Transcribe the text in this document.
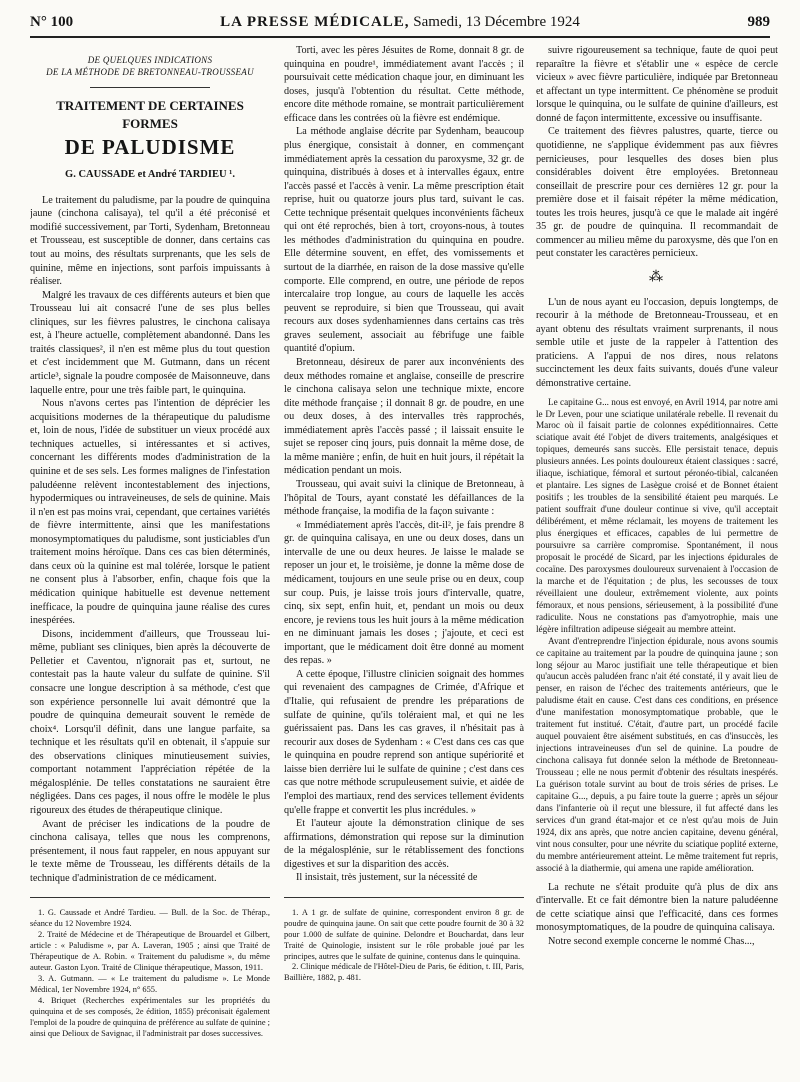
N° 100	LA PRESSE MÉDICALE, Samedi, 13 Décembre 1924	989
DE QUELQUES INDICATIONS
DE LA MÉTHODE DE BRETONNEAU-TROUSSEAU
TRAITEMENT DE CERTAINES FORMES
DE PALUDISME
G. CAUSSADE et André TARDIEU ¹.

Le traitement du paludisme, par la poudre de quinquina jaune (cinchona calisaya), tel qu'il a été préconisé et modifié successivement, par Torti, Sydenham, Bretonneau et Trousseau, est susceptible de donner, dans certains cas tout au moins, des résultats surprenants, que les sels de quinine, même en injections, sont parfois impuissants à réaliser.

Malgré les travaux de ces différents auteurs et bien que Trousseau lui ait consacré l'une de ses plus belles cliniques, sur les fièvres palustres, le cinchona calisaya est, à l'heure actuelle, complètement abandonné. Dans les traités classiques², il n'en est même plus du tout question et c'est incidemment que M. Gutmann, dans un récent article³, signale la poudre composée de Maisonneuve, dans laquelle entre, pour une très faible part, le quinquina.

Nous n'avons certes pas l'intention de déprécier les acquisitions modernes de la thérapeutique du paludisme et, loin de nous, l'idée de substituer un vieux procédé aux techniques actuelles, si intéressantes et si actives, concernant les différents modes d'administration de la quinine et de ses sels. Les formes malignes de l'infestation paludéenne relèvent incontestablement des injections, hypodermiques ou intraveineuses, de sels de quinine. Mais il n'en est pas moins vrai, cependant, que certaines variétés de fièvre intermittente, ainsi que les manifestations monosymptomatiques du paludisme, sont justiciables d'un traitement moins héroïque. Dans ces cas bien déterminés, dans ceux où la quinine est mal tolérée, lorsque le patient ne consent plus à l'absorber, enfin, chaque fois que la médication quinique habituelle est devenue nettement inefficace, la poudre de quinquina jaune réalise des cures inespérées.

Disons, incidemment d'ailleurs, que Trousseau lui-même, publiant ses cliniques, bien après la découverte de Pelletier et Caventou, n'ignorait pas et, surtout, ne contestait pas la haute valeur du sulfate de quinine. S'il consacre une longue description à sa méthode, c'est que son expérience personnelle lui avait démontré que la poudre de quinquina demeurait souvent le remède de choix⁴. Lorsqu'il définit, dans une langue parfaite, sa technique et les résultats qu'il en obtenait, il s'appuie sur des observations cliniques minutieusement suivies, comportant notamment l'appréciation répétée de la mégalosplénie. De telles constatations ne sauraient être négligées. Dans ces pages, il nous offre le modèle le plus rigoureux des études de thérapeutique clinique.

Avant de préciser les indications de la poudre de cinchona calisaya, telles que nous les comprenons, présentement, il nous faut rappeler, en nous appuyant sur le texte même de Trousseau, les différents détails de la technique d'administration de ce médicament.

1. G. Caussade et André Tardieu. — Bull. de la Soc. de Thérap., séance du 12 Novembre 1924.

2. Traité de Médecine et de Thérapeutique de Brouardel et Gilbert, article : « Paludisme », par A. Laveran, 1905 ; ainsi que Traité de Thérapeutique de A. Robin. « Traitement du paludisme », du même auteur. Gaston Lyon. Traité de Clinique thérapeutique, Masson, 1911.

3. A. Gutmann. — « Le traitement du paludisme ». Le Monde Médical, 1er Novembre 1924, n° 655.

4. Briquet (Recherches expérimentales sur les propriétés du quinquina et de ses composés, 2e édition, 1855) préconisait également l'emploi de la poudre de quinquina de préférence au sulfate de quinine ; ainsi que Delioux de Savignac, il l'administrait par doses successives.

Torti, avec les pères Jésuites de Rome, donnait 8 gr. de quinquina en poudre¹, immédiatement avant l'accès ; il poursuivait cette médication chaque jour, en diminuant les doses, jusqu'à l'obtention du résultat. Cette méthode, encore dite méthode romaine, se montrait particulièrement efficace dans les contrées où la fièvre est endémique.

La méthode anglaise décrite par Sydenham, beaucoup plus énergique, consistait à donner, en commençant immédiatement après la cessation du paroxysme, 32 gr. de quinquina, distribués à doses et à intervalles égaux, entre l'accès passé et l'accès à venir. La même prescription était reprise, huit ou quatorze jours plus tard, suivant le cas. Cette technique présentait quelques inconvénients fâcheux qui ont été reprochés, bien à tort, croyons-nous, à toutes les méthodes d'administration du quinquina en poudre. Elle détermine souvent, en effet, des vomissements et surtout de la diarrhée, en raison de la dose massive qu'elle comporte. Elle comprend, en outre, une période de repos intercalaire trop longue, au cours de laquelle les accès peuvent se reproduire, si bien que Trousseau, qui avait recours aux doses sydenhamiennes dans certains cas très graves seulement, associait au fébrifuge une faible quantité d'opium.

Bretonneau, désireux de parer aux inconvénients des deux méthodes romaine et anglaise, conseille de prescrire le cinchona calisaya selon une technique mixte, encore dite méthode française ; il donnait 8 gr. de poudre, en une ou deux doses, à des intervalles très rapprochés, immédiatement après l'accès passé ; il laissait ensuite le sujet se reposer cinq jours, puis donnait la même dose, de la même manière ; enfin, de huit en huit jours, il répétait la médication pendant un mois.

Trousseau, qui avait suivi la clinique de Bretonneau, à l'hôpital de Tours, ayant constaté les défaillances de la méthode française, la modifia de la façon suivante :

« Immédiatement après l'accès, dit-il², je fais prendre 8 gr. de quinquina calisaya, en une ou deux doses, dans un intervalle de une ou deux heures. Je laisse le malade se reposer un jour et, le troisième, je donne la même dose de médicament, toujours en une seule prise ou en deux, coup sur coup. Puis, je laisse trois jours d'intervalle, quatre, cinq, six sept, enfin huit, et, pendant un mois ou deux encore, je reviens tous les huit jours à la même médication en ne diminuant jamais les doses ; j'ajoute, et ceci est important, que le médicament doit être donné au moment des repas. »

A cette époque, l'illustre clinicien soignait des hommes qui revenaient des campagnes de Crimée, d'Afrique et d'Italie, qui refusaient de prendre les préparations de sulfate de quinine, qu'ils toléraient mal, et qui ne les guérissaient pas. Dans les cas graves, il n'hésitait pas à recourir aux doses de Sydenham : « C'est dans ces cas que le quinquina en poudre reprend son antique supériorité et laisse bien derrière lui le sulfate de quinine ; c'est dans ces cas que notre méthode scrupuleusement suivie, et aidée de l'emploi des martiaux, rend des services tellement évidents qu'elle frappe et convertit les plus incrédules. »

Et l'auteur ajoute la démonstration clinique de ses affirmations, démonstration qui repose sur la diminution de la mégalosplénie, sur le rétablissement des fonctions digestives et sur la disparition des accès.

Il insistait, très justement, sur la nécessité de

1. A 1 gr. de sulfate de quinine, correspondent environ 8 gr. de poudre de quinquina jaune. On sait que cette poudre fournit de 30 à 32 pour 1.000 de sulfate de quinine. Delondre et Bouchardat, dans leur Traité de Quinologie, insistent sur le rôle probable joué par les principes, autres que le sulfate de quinine, contenus dans le quinquina.

2. Clinique médicale de l'Hôtel-Dieu de Paris, 6e édition, t. III, Paris, Baillière, 1882, p. 481.

suivre rigoureusement sa technique, faute de quoi peut reparaître la fièvre et s'établir une « espèce de cercle vicieux » avec fièvre particulière, indiquée par Bretonneau et affectant un type intermittent. Ce phénomène se produit lorsque le quinquina, ou le sulfate de quinine d'ailleurs, est donné de façon intermittente, excessive ou insuffisante.

Ce traitement des fièvres palustres, quarte, tierce ou quotidienne, ne s'applique évidemment pas aux fièvres pernicieuses, pour lesquelles des doses bien plus considérables doivent être employées. Bretonneau conseillait de prescrire pour ces dernières 12 gr. pour la première dose et il faisait répéter la même médication, toutes les trois heures, jusqu'à ce que le malade ait ingéré 35 gr. de poudre de quinquina. Il recommandait de commencer au milieu même du paroxysme, dès que l'on en peut constater les caractères pernicieux.

⁂

L'un de nous ayant eu l'occasion, depuis longtemps, de recourir à la méthode de Bretonneau-Trousseau, et en ayant obtenu des résultats vraiment surprenants, il nous semble utile et juste de la rappeler à l'attention des praticiens. A l'appui de nos dires, nous relatons succinctement les deux faits suivants, doués d'une valeur démonstrative certaine.

Le capitaine G... nous est envoyé, en Avril 1914, par notre ami le Dr Leven, pour une sciatique unilatérale rebelle. Il revenait du Maroc où il faisait partie de colonnes expéditionnaires. Cette sciatique avait été l'objet de divers traitements, analgésiques et topiques, demeurés sans succès. Elle persistait tenace, depuis plusieurs années. Les points douloureux étaient classiques : sacré, iliaque, ischiatique, fémoral et surtout péronéo-tibial, calcanéen et plantaire. Les signes de Lasègue croisé et de Bonnet étaient positifs ; les troubles de la sensibilité étaient peu marqués. Le patient souffrait d'une douleur continue si vive, qu'il acceptait délibérément, et même réclamait, les moyens de traitement les plus énergiques et efficaces, capables de lui permettre de poursuivre sa carrière compromise. Spontanément, il nous proposait le procédé de Sicard, par les injections épidurales de cocaïne. Des paroxysmes douloureux survenaient à l'occasion de la marche et de l'équitation ; de plus, les secousses de toux réveillaient une douleur, extrêmement violente, aux points fémoraux, et nous pensions, sérieusement, à la possibilité d'une radiculite. Nous ne constations pas d'amyotrophie, mais une légère infiltration adipeuse siégeait au membre atteint.

Avant d'entreprendre l'injection épidurale, nous avons soumis ce capitaine au traitement par la poudre de quinquina jaune ; son long séjour au Maroc justifiait une telle thérapeutique et bien qu'aucun accès paludéen franc n'ait été constaté, il y avait lieu de penser, en raison de l'échec des traitements antérieurs, que le paludisme était en cause. C'est dans ces conditions, en présence d'une manifestation monosymptomatique probable, que le traitement fut institué. C'était, d'autre part, un procédé facile auquel pouvaient être aisément substitués, en cas d'insuccès, les injections intraveineuses d'un sel de quinine. La poudre de cinchona calisaya fut donnée selon la méthode de Bretonneau-Trousseau ; elle ne nous permit d'obtenir des résultats inespérés. La guérison totale survint au bout de trois séries de prises. Le capitaine G..., depuis, a pu faire toute la guerre ; après un séjour dans l'infanterie où il reçut une blessure, il fut affecté dans les services d'un grand état-major et ce n'est qu'au mois de Juin 1924, dix ans après, que notre ancien capitaine, devenu général, vint nous consulter, pour une névrite du sciatique poplité externe, du membre antérieurement atteint. Le même traitement fut repris, associé à la diathermie, qui amena une rapide amélioration.

La rechute ne s'était produite qu'à plus de dix ans d'intervalle. Et ce fait démontre bien la nature paludéenne de cette sciatique ainsi que l'efficacité, dans ces formes monosymptomatiques, de la poudre de quinquina calisaya.

Notre second exemple concerne le nommé Chas...,
